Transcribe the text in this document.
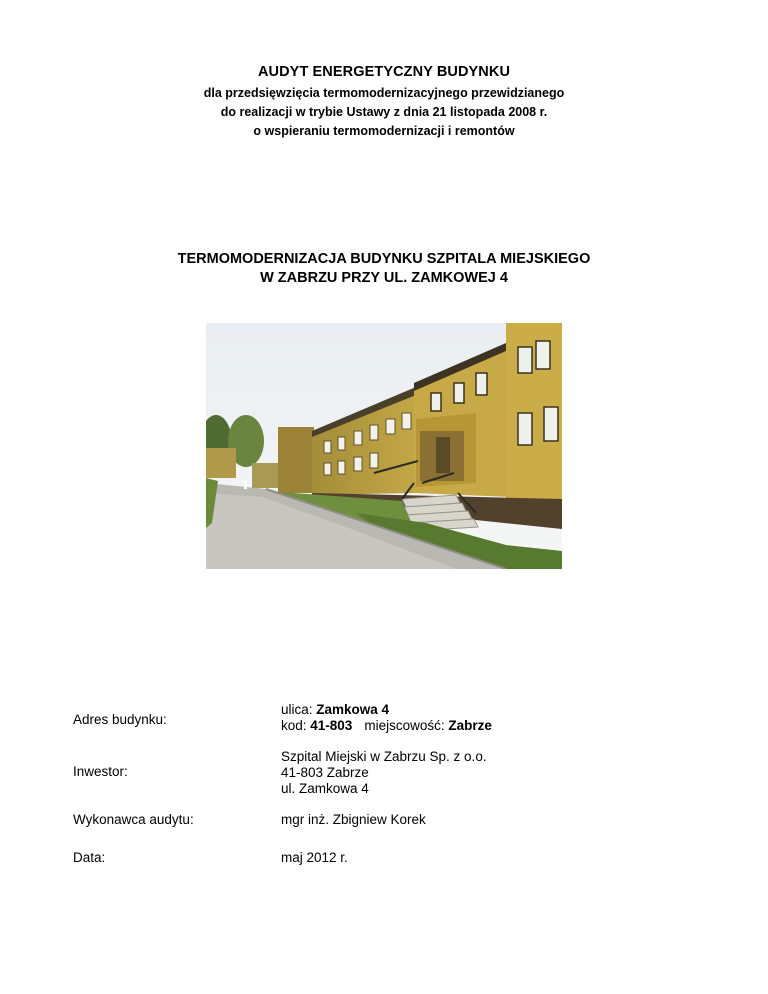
AUDYT ENERGETYCZNY BUDYNKU
dla przedsięwzięcia termomodernizacyjnego przewidzianego
do realizacji w trybie Ustawy z dnia 21 listopada 2008 r.
o wspieraniu termomodernizacji i remontów
TERMOMODERNIZACJA BUDYNKU SZPITALA MIEJSKIEGO
W ZABRZU PRZY UL. ZAMKOWEJ 4
Adres budynku:
ulica: Zamkowa 4
kod: 41-803 miejscowość: Zabrze
Inwestor:
Szpital Miejski w Zabrzu Sp. z o.o.
41-803 Zabrze
ul. Zamkowa 4
Wykonawca audytu:	mgr inż. Zbigniew Korek
Data:	maj 2012 r.
